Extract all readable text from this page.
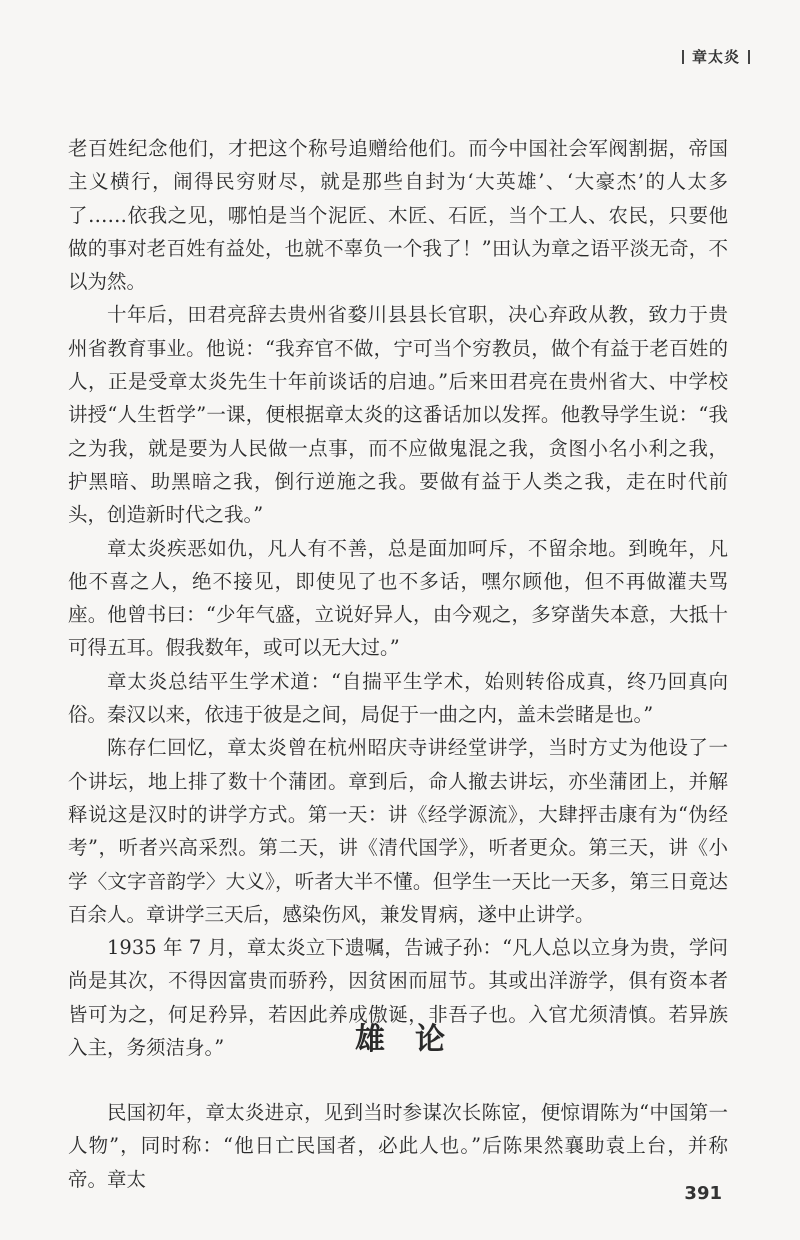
章太炎

老百姓纪念他们，才把这个称号追赠给他们。而今中国社会军阀割据，帝国主义横行，闹得民穷财尽，就是那些自封为‘大英雄’、‘大豪杰’的人太多了……依我之见，哪怕是当个泥匠、木匠、石匠，当个工人、农民，只要他做的事对老百姓有益处，也就不辜负一个我了！”田认为章之语平淡无奇，不以为然。

十年后，田君亮辞去贵州省婺川县县长官职，决心弃政从教，致力于贵州省教育事业。他说：“我弃官不做，宁可当个穷教员，做个有益于老百姓的人，正是受章太炎先生十年前谈话的启迪。”后来田君亮在贵州省大、中学校讲授“人生哲学”一课，便根据章太炎的这番话加以发挥。他教导学生说：“我之为我，就是要为人民做一点事，而不应做鬼混之我，贪图小名小利之我，护黑暗、助黑暗之我，倒行逆施之我。要做有益于人类之我，走在时代前头，创造新时代之我。”

章太炎疾恶如仇，凡人有不善，总是面加呵斥，不留余地。到晚年，凡他不喜之人，绝不接见，即使见了也不多话，嘿尔顾他，但不再做灌夫骂座。他曾书曰：“少年气盛，立说好异人，由今观之，多穿凿失本意，大抵十可得五耳。假我数年，或可以无大过。”

章太炎总结平生学术道：“自揣平生学术，始则转俗成真，终乃回真向俗。秦汉以来，依违于彼是之间，局促于一曲之内，盖未尝睹是也。”

陈存仁回忆，章太炎曾在杭州昭庆寺讲经堂讲学，当时方丈为他设了一个讲坛，地上排了数十个蒲团。章到后，命人撤去讲坛，亦坐蒲团上，并解释说这是汉时的讲学方式。第一天：讲《经学源流》，大肆抨击康有为“伪经考”，听者兴高采烈。第二天，讲《清代国学》，听者更众。第三天，讲《小学〈文字音韵学〉大义》，听者大半不懂。但学生一天比一天多，第三日竟达百余人。章讲学三天后，感染伤风，兼发胃病，遂中止讲学。

1935 年 7 月，章太炎立下遗嘱，告诫子孙：“凡人总以立身为贵，学问尚是其次，不得因富贵而骄矜，因贫困而屈节。其或出洋游学，俱有资本者皆可为之，何足矜异，若因此养成傲诞，非吾子也。入官尤须清慎。若异族入主，务须洁身。”	雄论

民国初年，章太炎进京，见到当时参谋次长陈宧，便惊谓陈为“中国第一人物”，同时称：“他日亡民国者，必此人也。”后陈果然襄助袁上台，并称帝。章太

391
